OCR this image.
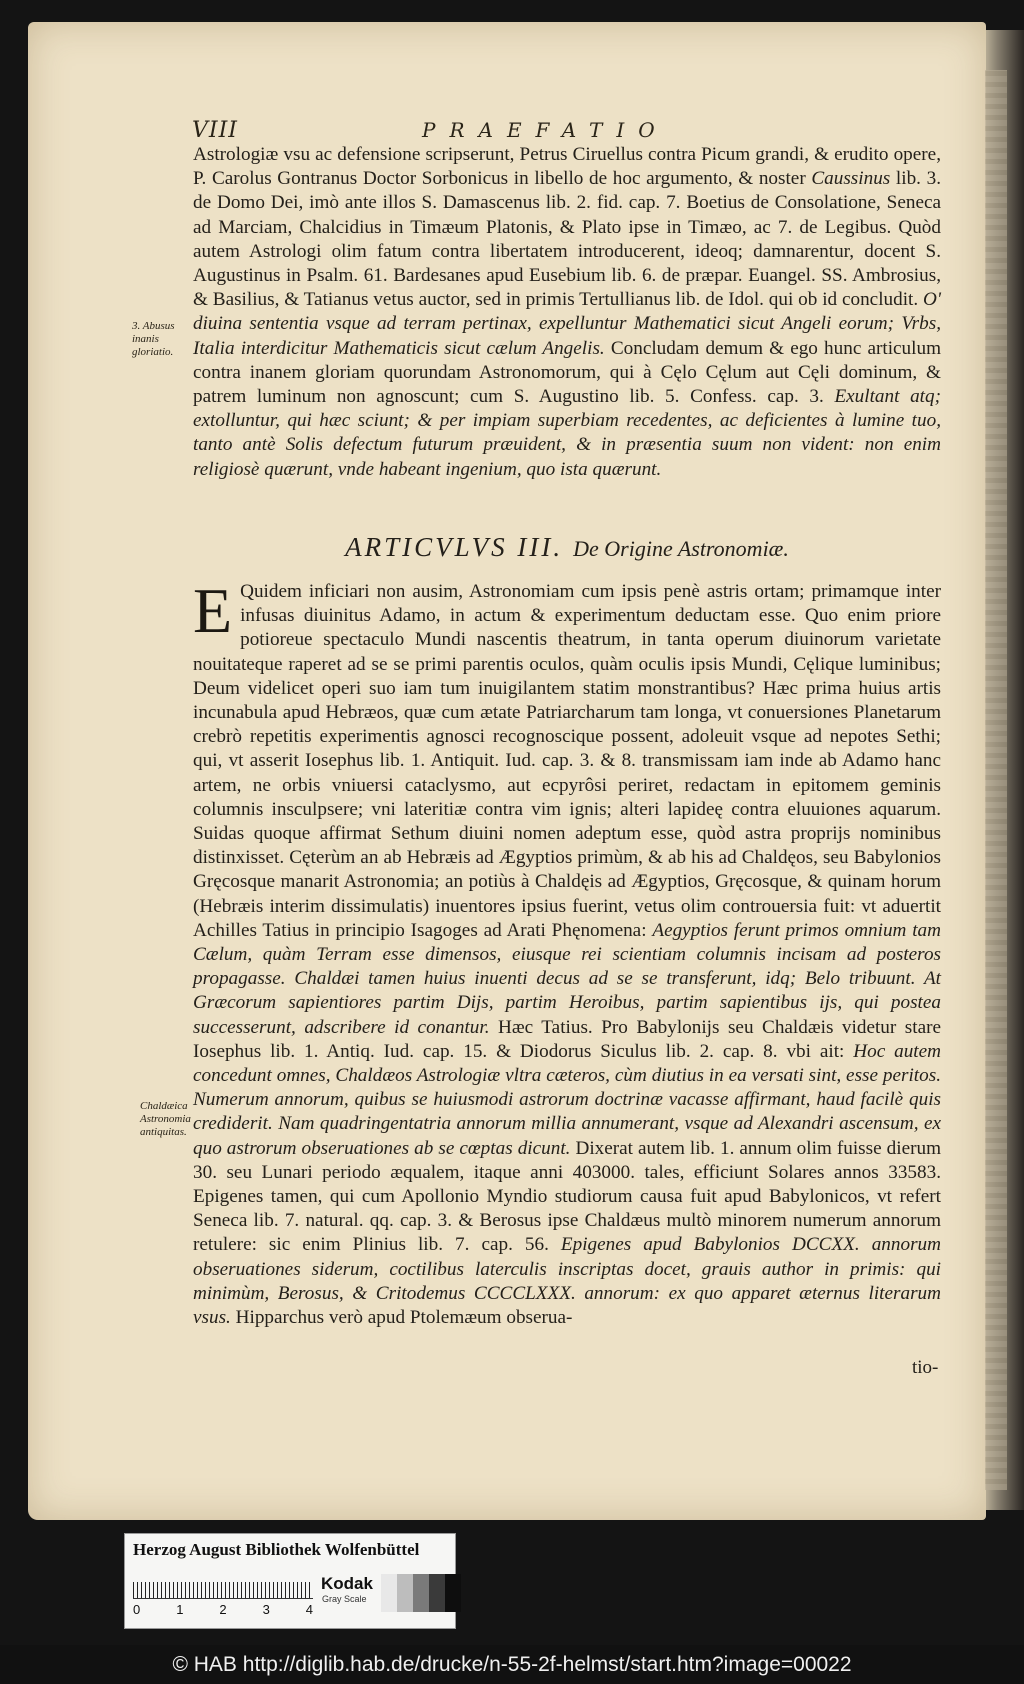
VIII	PRAEFATIO
Astrologiæ vsu ac defensione scripserunt, Petrus Ciruellus contra Picum grandi, & erudito opere, P. Carolus Gontranus Doctor Sorbonicus in libello de hoc argumento, & noster Caussinus lib. 3. de Domo Dei, imò ante illos S. Damascenus lib. 2. fid. cap. 7. Boetius de Consolatione, Seneca ad Marciam, Chalcidius in Timæum Platonis, & Plato ipse in Timæo, ac 7. de Legibus. Quòd autem Astrologi olim fatum contra libertatem introducerent, ideoq; damnarentur, docent S. Augustinus in Psalm. 61. Bardesanes apud Eusebium lib. 6. de præpar. Euangel. SS. Ambrosius, & Basilius, & Tatianus vetus auctor, sed in primis Tertullianus lib. de Idol. qui ob id concludit. O' diuina sententia vsque ad terram pertinax, expelluntur Mathematici sicut Angeli eorum; Vrbs, Italia interdicitur Mathematicis sicut cælum Angelis. Concludam demum & ego hunc articulum contra inanem gloriam quorundam Astronomorum, qui à Cęlo Cęlum aut Cęli dominum, & patrem luminum non agnoscunt; cum S. Augustino lib. 5. Confess. cap. 3. Exultant atq; extolluntur, qui hæc sciunt; & per impiam superbiam recedentes, ac deficientes à lumine tuo, tanto antè Solis defectum futurum præuident, & in præsentia suum non vident: non enim religiosè quærunt, vnde habeant ingenium, quo ista quærunt.
3. Abusus inanis gloriatio.
ARTICVLVS III. De Origine Astronomiæ.
E Quidem inficiari non ausim, Astronomiam cum ipsis penè astris ortam; primamque inter infusas diuinitus Adamo, in actum & experimentum deductam esse. Quo enim priore potioreue spectaculo Mundi nascentis theatrum, in tanta operum diuinorum varietate nouitateque raperet ad se se primi parentis oculos, quàm oculis ipsis Mundi, Cęlique luminibus; Deum videlicet operi suo iam tum inuigilantem statim monstrantibus? Hæc prima huius artis incunabula apud Hebræos, quæ cum ætate Patriarcharum tam longa, vt conuersiones Planetarum crebrò repetitis experimentis agnosci recognoscique possent, adoleuit vsque ad nepotes Sethi; qui, vt asserit Iosephus lib. 1. Antiquit. Iud. cap. 3. & 8. transmissam iam inde ab Adamo hanc artem, ne orbis vniuersi cataclysmo, aut ecpyrôsi periret, redactam in epitomem geminis columnis insculpsere; vni lateritiæ contra vim ignis; alteri lapideę contra eluuiones aquarum. Suidas quoque affirmat Sethum diuini nomen adeptum esse, quòd astra proprijs nominibus distinxisset. Cęterùm an ab Hebræis ad Ægyptios primùm, & ab his ad Chaldęos, seu Babylonios Gręcosque manarit Astronomia; an potiùs à Chaldęis ad Ægyptios, Gręcosque, & quinam horum (Hebræis interim dissimulatis) inuentores ipsius fuerint, vetus olim controuersia fuit: vt aduertit Achilles Tatius in principio Isagoges ad Arati Phęnomena: Aegyptios ferunt primos omnium tam Cælum, quàm Terram esse dimensos, eiusque rei scientiam columnis incisam ad posteros propagasse. Chaldæi tamen huius inuenti decus ad se se transferunt, idq; Belo tribuunt. At Græcorum sapientiores partim Dijs, partim Heroibus, partim sapientibus ijs, qui postea successerunt, adscribere id conantur. Hæc Tatius. Pro Babylonijs seu Chaldæis videtur stare Iosephus lib. 1. Antiq. Iud. cap. 15. & Diodorus Siculus lib. 2. cap. 8. vbi ait: Hoc autem concedunt omnes, Chaldæos Astrologiæ vltra cæteros, cùm diutius in ea versati sint, esse peritos. Numerum annorum, quibus se huiusmodi astrorum doctrinæ vacasse affirmant, haud facilè quis crediderit. Nam quadringentatria annorum millia annumerant, vsque ad Alexandri ascensum, ex quo astrorum obseruationes ab se cœptas dicunt. Dixerat autem lib. 1. annum olim fuisse dierum 30. seu Lunari periodo æqualem, itaque anni 403000. tales, efficiunt Solares annos 33583. Epigenes tamen, qui cum Apollonio Myndio studiorum causa fuit apud Babylonicos, vt refert Seneca lib. 7. natural. qq. cap. 3. & Berosus ipse Chaldæus multò minorem numerum annorum retulere: sic enim Plinius lib. 7. cap. 56. Epigenes apud Babylonios DCCXX. annorum obseruationes siderum, coctilibus laterculis inscriptas docet, grauis author in primis: qui minimùm, Berosus, & Critodemus CCCCLXXX. annorum: ex quo apparet æternus literarum vsus. Hipparchus verò apud Ptolemæum obserua-
Chaldæica Astronomia antiquitas.
tio-
Herzog August Bibliothek Wolfenbüttel
0	1	2	3	4
Kodak
Gray Scale
© HAB http://diglib.hab.de/drucke/n-55-2f-helmst/start.htm?image=00022
